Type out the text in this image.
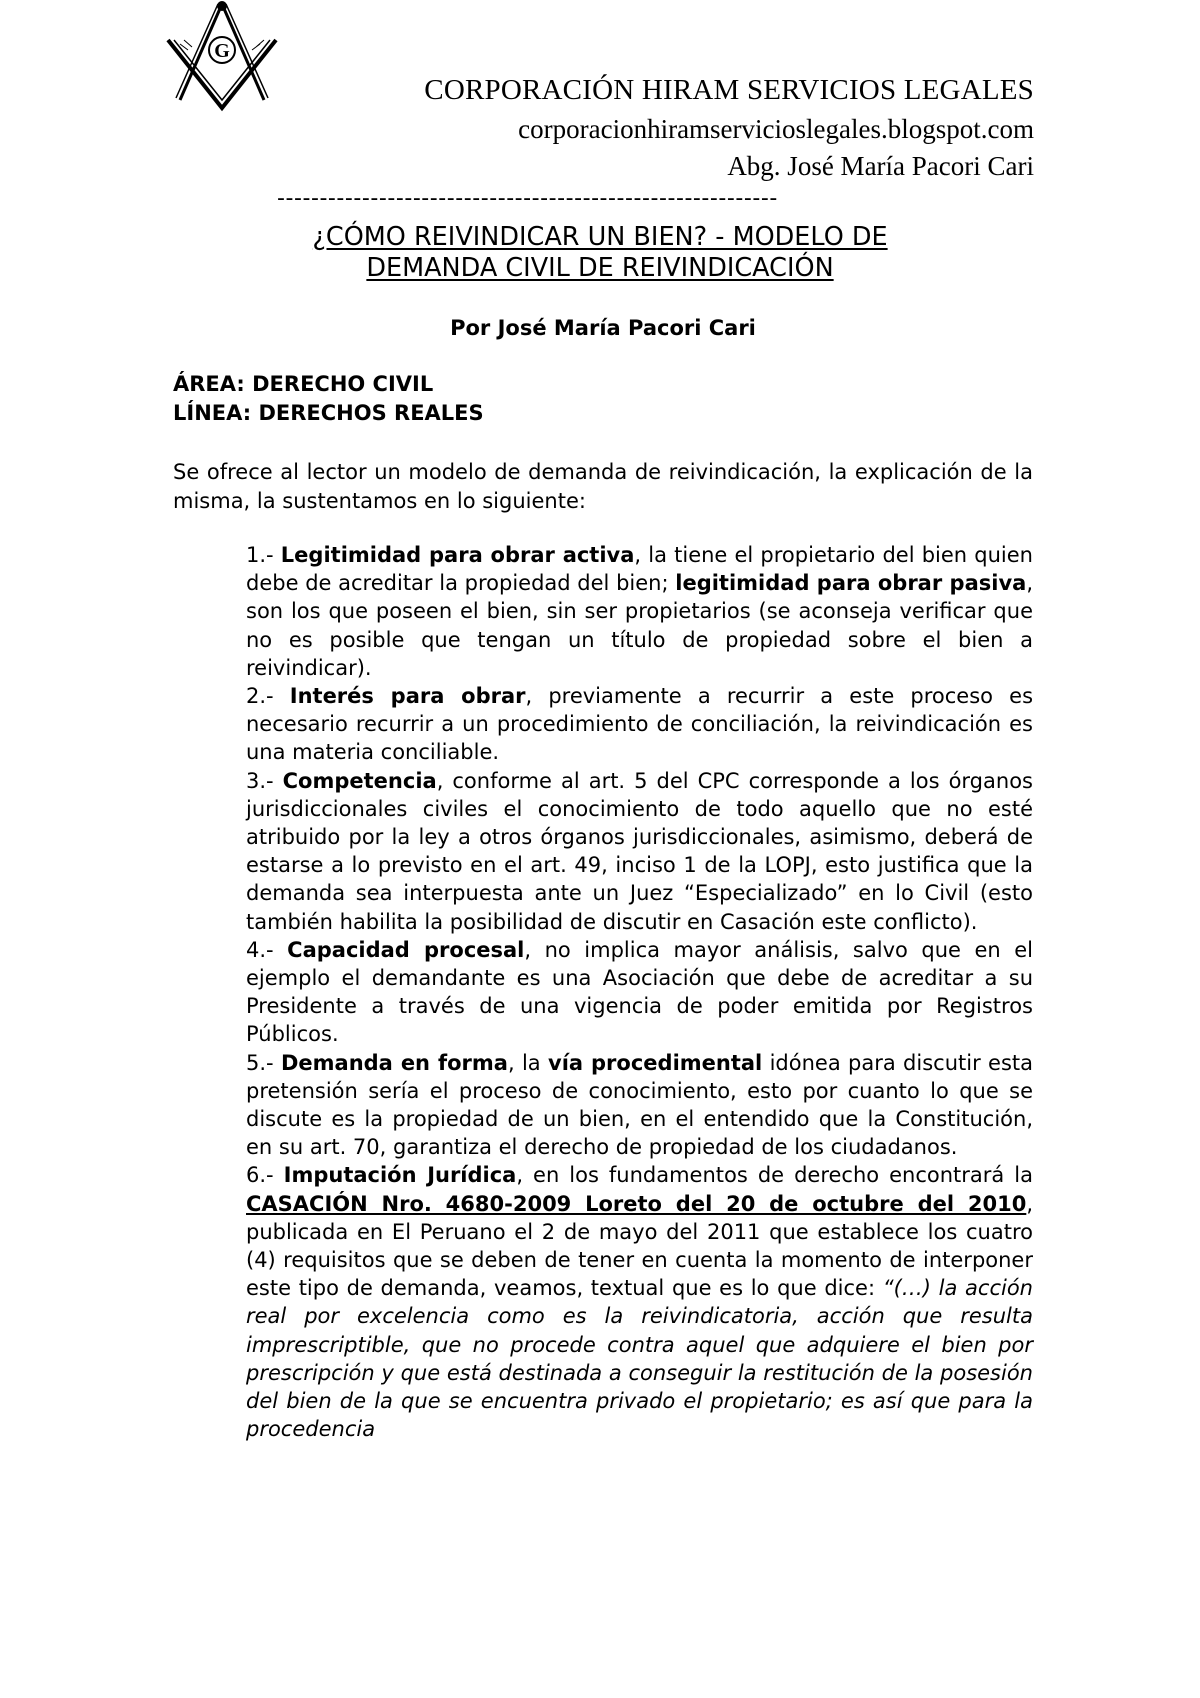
G
CORPORACIÓN HIRAM SERVICIOS LEGALES
corporacionhiramservicioslegales.blogspot.com
Abg. José María Pacori Cari
-----------------------------------------------------------
¿CÓMO REIVINDICAR UN BIEN? - MODELO DE
DEMANDA CIVIL DE REIVINDICACIÓN
Por José María Pacori Cari
ÁREA: DERECHO CIVIL
LÍNEA: DERECHOS REALES
Se ofrece al lector un modelo de demanda de reivindicación, la explicación de la misma, la sustentamos en lo siguiente:

1.- Legitimidad para obrar activa, la tiene el propietario del bien quien debe de acreditar la propiedad del bien; legitimidad para obrar pasiva, son los que poseen el bien, sin ser propietarios (se aconseja verificar que no es posible que tengan un título de propiedad sobre el bien a reivindicar).

2.- Interés para obrar, previamente a recurrir a este proceso es necesario recurrir a un procedimiento de conciliación, la reivindicación es una materia conciliable.

3.- Competencia, conforme al art. 5 del CPC corresponde a los órganos jurisdiccionales civiles el conocimiento de todo aquello que no esté atribuido por la ley a otros órganos jurisdiccionales, asimismo, deberá de estarse a lo previsto en el art. 49, inciso 1 de la LOPJ, esto justifica que la demanda sea interpuesta ante un Juez “Especializado” en lo Civil (esto también habilita la posibilidad de discutir en Casación este conflicto).

4.- Capacidad procesal, no implica mayor análisis, salvo que en el ejemplo el demandante es una Asociación que debe de acreditar a su Presidente a través de una vigencia de poder emitida por Registros Públicos.

5.- Demanda en forma, la vía procedimental idónea para discutir esta pretensión sería el proceso de conocimiento, esto por cuanto lo que se discute es la propiedad de un bien, en el entendido que la Constitución, en su art. 70, garantiza el derecho de propiedad de los ciudadanos.

6.- Imputación Jurídica, en los fundamentos de derecho encontrará la CASACIÓN Nro. 4680-2009 Loreto del 20 de octubre del 2010, publicada en El Peruano el 2 de mayo del 2011 que establece los cuatro (4) requisitos que se deben de tener en cuenta la momento de interponer este tipo de demanda, veamos, textual que es lo que dice: “(…) la acción real por excelencia como es la reivindicatoria, acción que resulta imprescriptible, que no procede contra aquel que adquiere el bien por prescripción y que está destinada a conseguir la restitución de la posesión del bien de la que se encuentra privado el propietario; es así que para la procedencia
